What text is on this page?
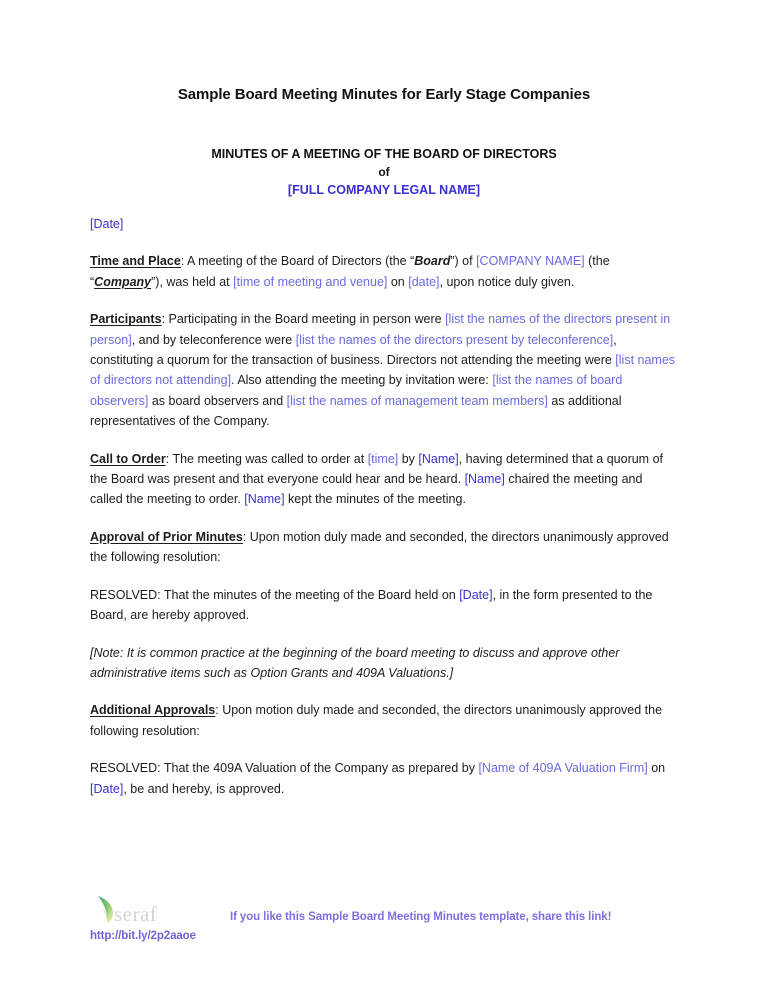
Sample Board Meeting Minutes for Early Stage Companies
MINUTES OF A MEETING OF THE BOARD OF DIRECTORS
of
[FULL COMPANY LEGAL NAME]

[Date]

Time and Place: A meeting of the Board of Directors (the “Board”) of [COMPANY NAME] (the “Company”), was held at [time of meeting and venue] on [date], upon notice duly given.

Participants: Participating in the Board meeting in person were [list the names of the directors present in person], and by teleconference were [list the names of the directors present by teleconference], constituting a quorum for the transaction of business. Directors not attending the meeting were [list names of directors not attending]. Also attending the meeting by invitation were: [list the names of board observers] as board observers and [list the names of management team members] as additional representatives of the Company.

Call to Order: The meeting was called to order at [time] by [Name], having determined that a quorum of the Board was present and that everyone could hear and be heard. [Name] chaired the meeting and called the meeting to order. [Name] kept the minutes of the meeting.

Approval of Prior Minutes: Upon motion duly made and seconded, the directors unanimously approved the following resolution:

RESOLVED: That the minutes of the meeting of the Board held on [Date], in the form presented to the Board, are hereby approved.

[Note: It is common practice at the beginning of the board meeting to discuss and approve other administrative items such as Option Grants and 409A Valuations.]

Additional Approvals: Upon motion duly made and seconded, the directors unanimously approved the following resolution:

RESOLVED: That the 409A Valuation of the Company as prepared by [Name of 409A Valuation Firm] on [Date], be and hereby, is approved.

seraf	If you like this Sample Board Meeting Minutes template, share this link!
http://bit.ly/2p2aaoe
